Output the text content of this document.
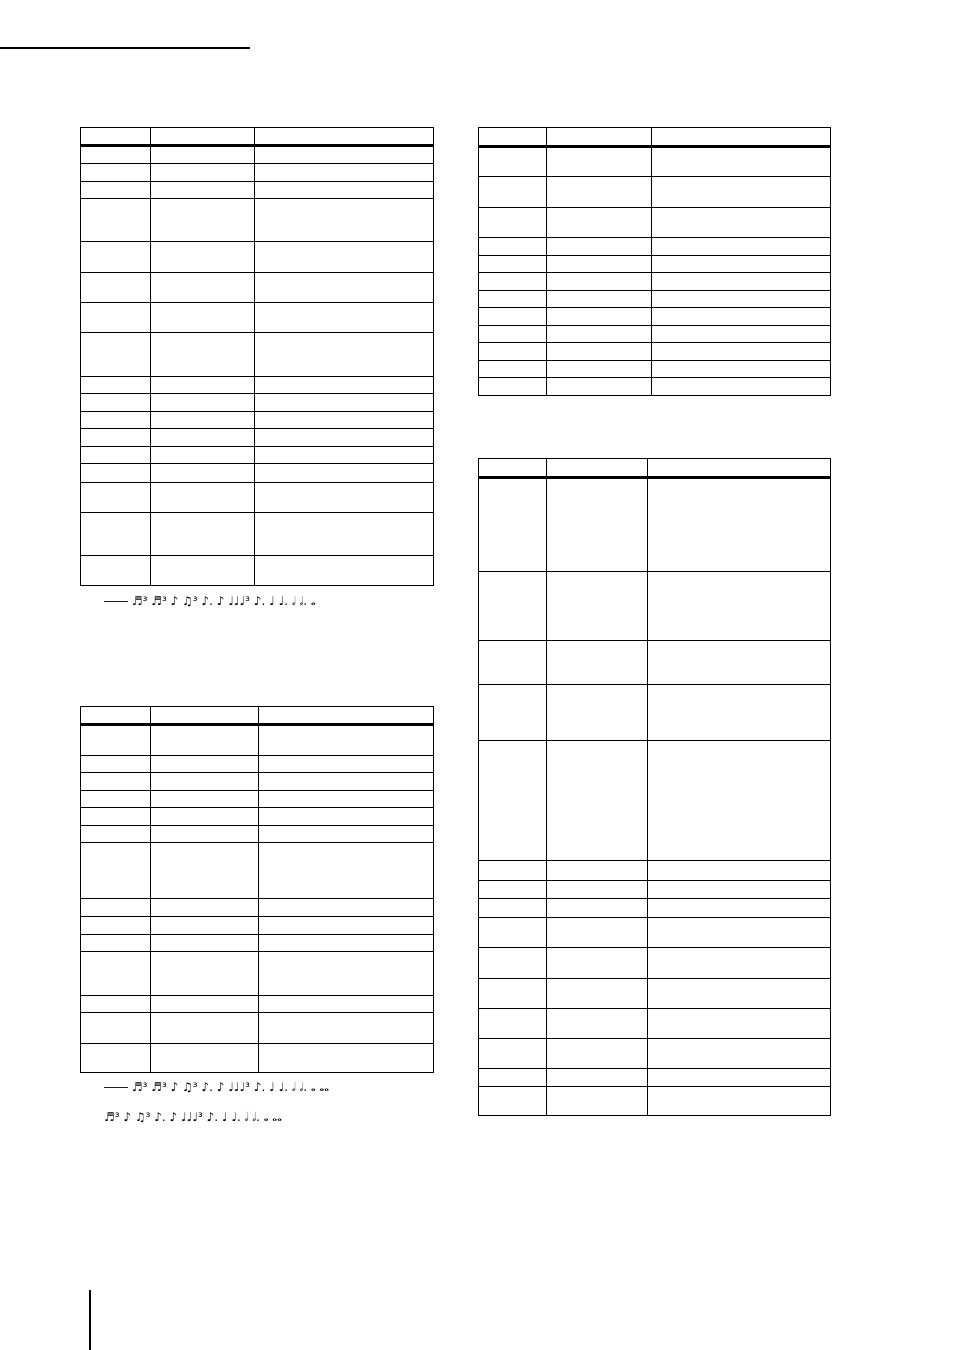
―― ♬³ ♬³ ♪ ♫³ ♪. ♪ ♩♩♩³ ♪. ♩ ♩. 𝅗𝅥 𝅗𝅥. 𝅝
―― ♬³ ♬³ ♪ ♫³ ♪. ♪ ♩♩♩³ ♪. ♩ ♩. 𝅗𝅥 𝅗𝅥. 𝅝 𝅝𝅝
♬³ ♪ ♫³ ♪. ♪ ♩♩♩³ ♪. ♩ ♩. 𝅗𝅥 𝅗𝅥. 𝅝 𝅝𝅝
